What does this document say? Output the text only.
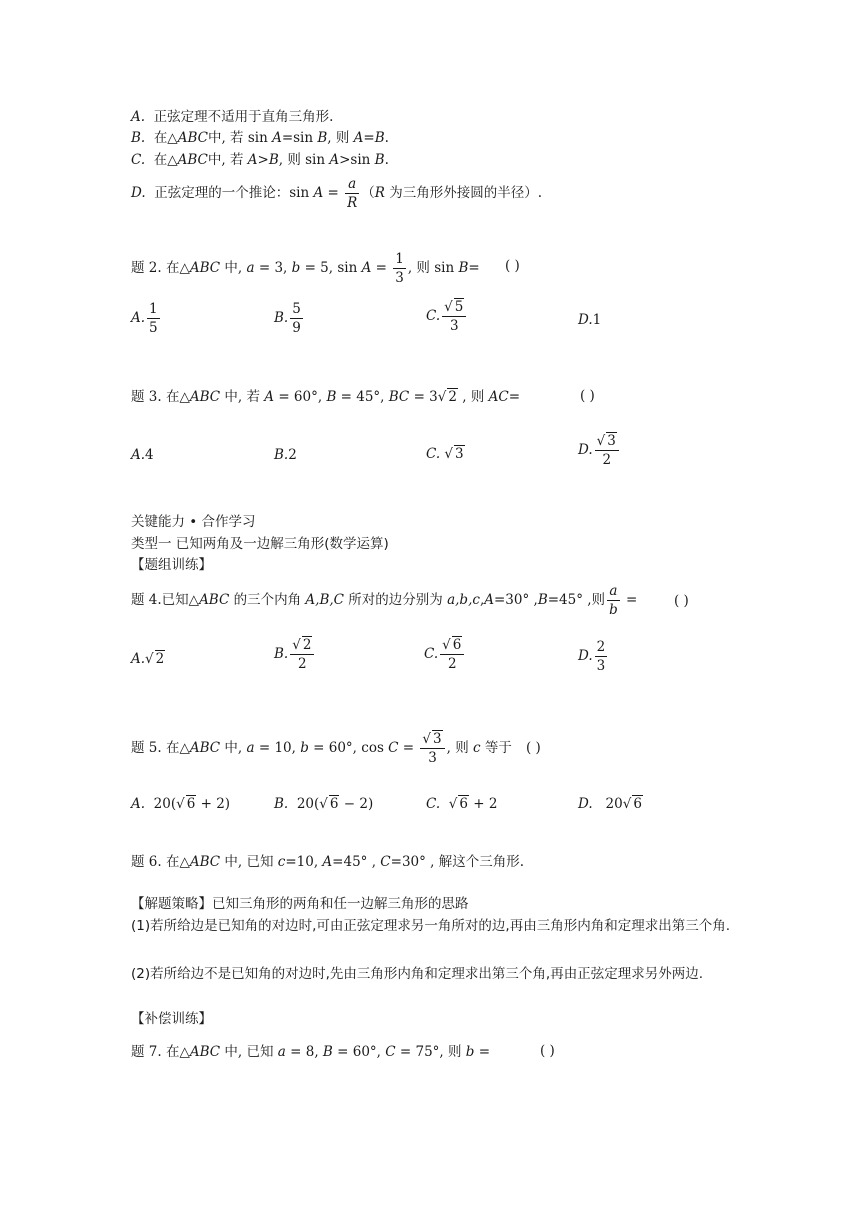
A. 正弦定理不适用于直角三角形.
B. 在△ABC中, 若 sin A=sin B, 则 A=B.
C. 在△ABC中, 若 A>B, 则 sin A>sin B.
D. 正弦定理的一个推论：$\sin A = \frac{a}{R} (R$ 为三角形外接圆的半径）.
题 2. 在△ABC 中, a = 3, b = 5, $\sin A = \frac{1}{3}$ , 则 sin B= ( )
A. $\frac{1}{5}$	B. $\frac{5}{9}$	C. $\frac{√ 5}{3}$	D.1
题 3. 在△ABC 中, 若 A = 60°, B = 45°, BC = 3√ 2 , 则 AC=	( )
A.4	B.2	C. √ 3	D. $\frac{√ 3}{2}$
关键能力 • 合作学习
类型一 已知两角及一边解三角形(数学运算)
【题组训练】
题 4.已知△ABC 的三个内角 A,B,C 所对的边分别为 a,b,c,A=30° ,B=45° ,则 $\frac{a}{b}$ =	( )
A.√ 2	B. $\frac{√ 2}{2}$	C. $\frac{√ 6}{2}$	D. $\frac{2}{3}$
题 5. 在△ABC 中, a = 10, b = 60°, $\cos C = \frac{√ 3}{3}$ , 则 c 等于 ( )
A. 20(√ 6 + 2)	B. 20(√ 6 − 2)	C.  √ 6 + 2	D. 20√ 6
题 6. 在△ABC 中, 已知 c=10, A=45° , C=30° , 解这个三角形.
【解题策略】已知三角形的两角和任一边解三角形的思路
(1)若所给边是已知角的对边时,可由正弦定理求另一角所对的边,再由三角形内角和定理求出第三个角.
(2)若所给边不是已知角的对边时,先由三角形内角和定理求出第三个角,再由正弦定理求另外两边.
【补偿训练】
题 7. 在△ABC 中, 已知 a = 8, B = 60°, C = 75°, 则 b =	( )
